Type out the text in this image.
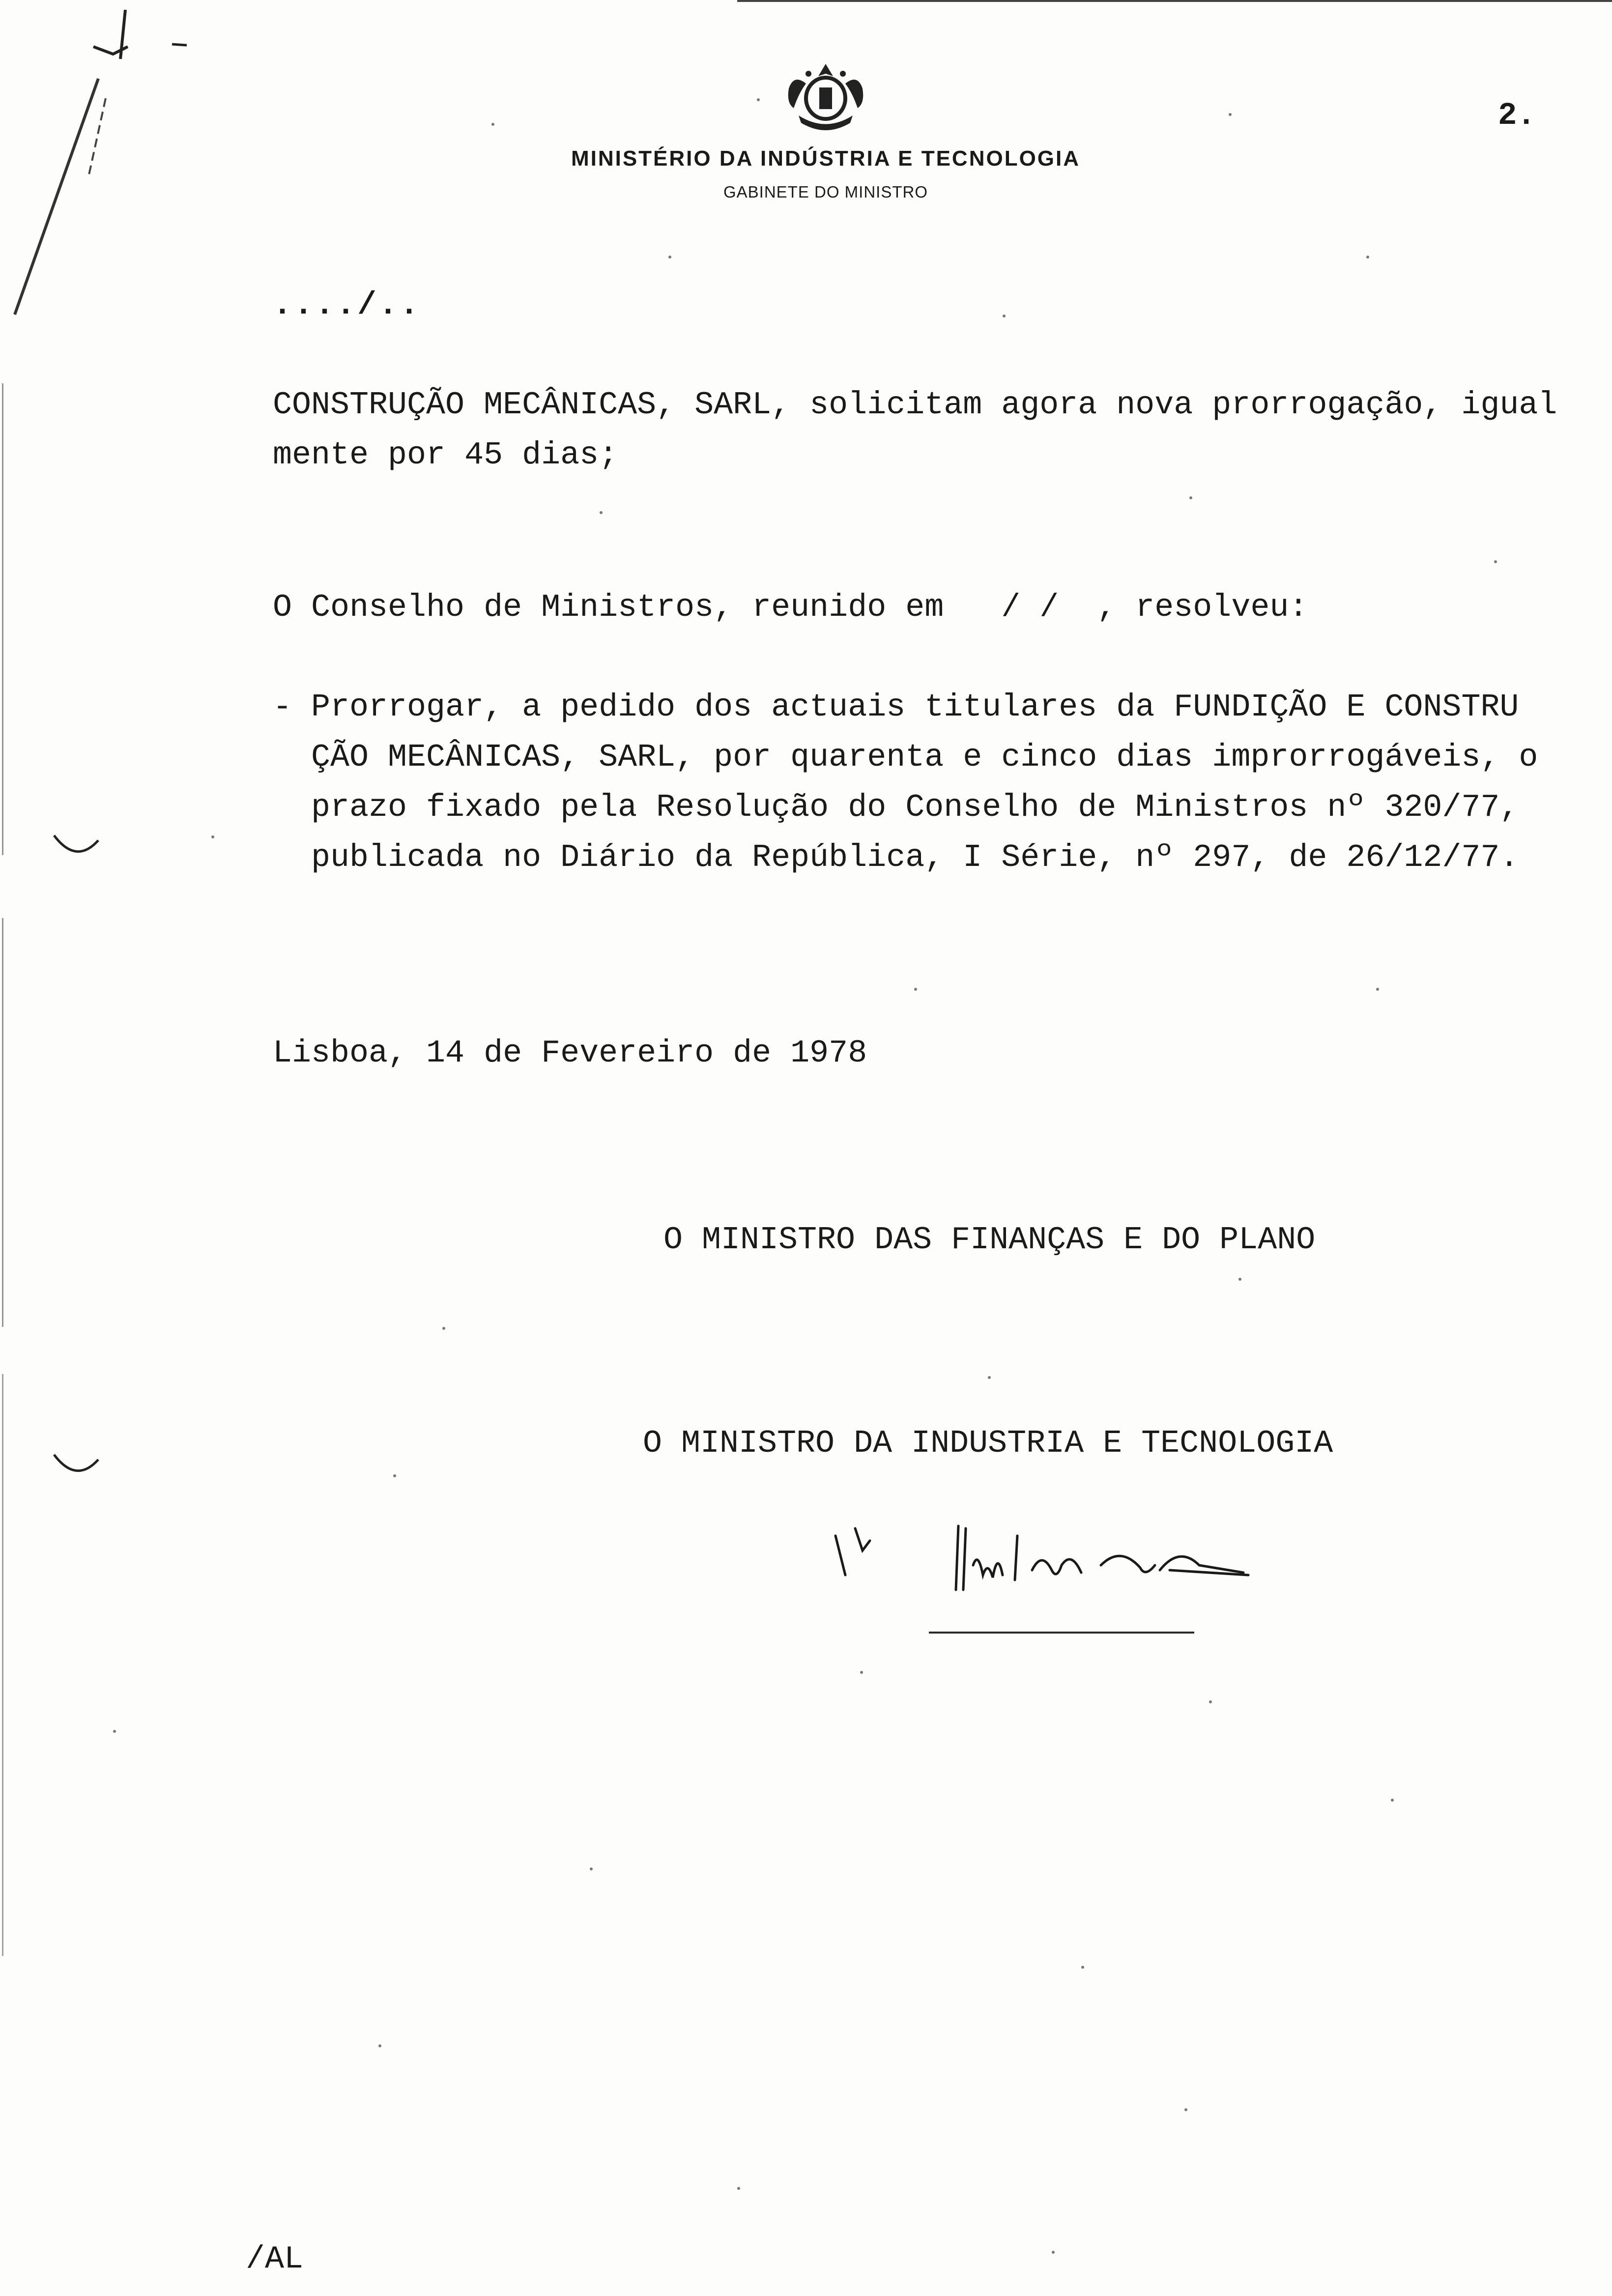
MINISTÉRIO DA INDÚSTRIA E TECNOLOGIA
GABINETE DO MINISTRO
2.
..../..
CONSTRUÇÃO MECÂNICAS, SARL, solicitam agora nova prorrogação, igual
mente por 45 dias;
O Conselho de Ministros, reunido em   / /  , resolveu:
- Prorrogar, a pedido dos actuais titulares da FUNDIÇÃO E CONSTRU
ÇÃO MECÂNICAS, SARL, por quarenta e cinco dias improrrogáveis, o
prazo fixado pela Resolução do Conselho de Ministros nº 320/77,
publicada no Diário da República, I Série, nº 297, de 26/12/77.
Lisboa, 14 de Fevereiro de 1978
O MINISTRO DAS FINANÇAS E DO PLANO
O MINISTRO DA INDUSTRIA E TECNOLOGIA
/AL
